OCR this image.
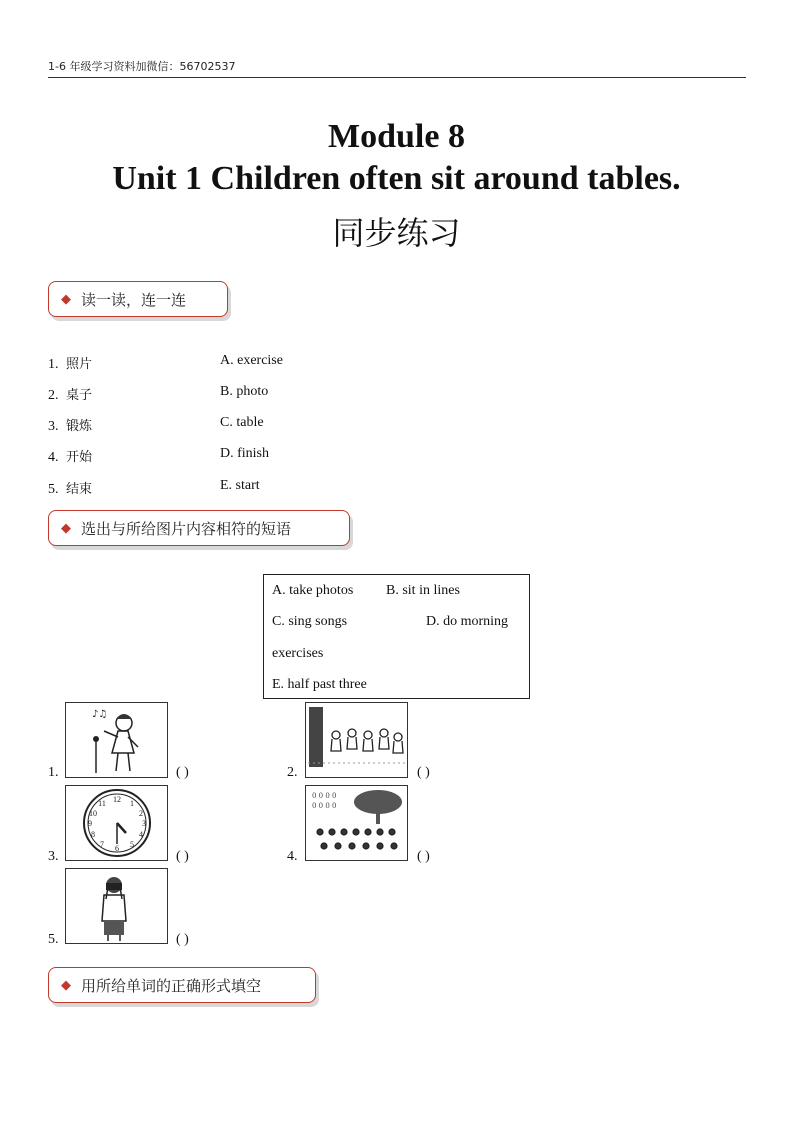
1-6 年级学习资料加微信：56702537
Module 8
Unit 1 Children often sit around tables.
同步练习
◆ 读一读，连一连
1. 照片	A. exercise
2. 桌子	B. photo
3. 锻炼	C. table
4. 开始	D. finish
5. 结束	E. start
◆ 选出与所给图片内容相符的短语
A. take photos B. sit in lines
C. sing songs	D. do morning
exercises
E. half past three
1.
♪♫
( )	2.	( )
3.
12 1
2
3
4
5
6
7
8
9
10
11
( )	4.
0 0 0 0
0 0 0 0
( )
5.	( )
◆ 用所给单词的正确形式填空
